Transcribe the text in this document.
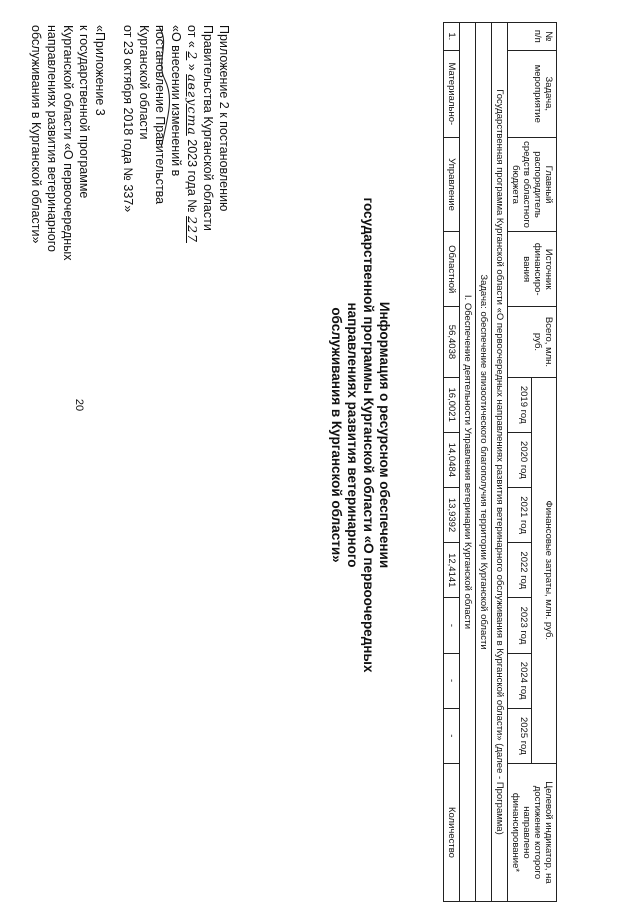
20
Приложение 2 к постановлению
Правительства Курганской области
от « 2 » августа 2023 года № 227
«О внесении изменений в
постановление Правительства
Курганской области
от 23 октября 2018 года № 337»
«Приложение 3
к государственной программе
Курганской области «О первоочередных
направлениях развития ветеринарного
обслуживания в Курганской области»
Информация о ресурсном обеспечении
государственной программы Курганской области «О первоочередных направлениях развития ветеринарного
обслуживания в Курганской области»
№ п/п	Задача, мероприятие	Главный распорядитель средств областного бюджета	Источник финансиро-вания	Всего, млн. руб.	Финансовые затраты, млн. руб.							Целевой индикатор, на достижение которого направлено финансирование*
					2019 год	2020 год	2021 год	2022 год	2023 год	2024 год	2025 год	
Государственная программа Курганской области «О первоочередных направлениях развития ветеринарного обслуживания в Курганской области» (далее - Программа)												
Задача: обеспечение эпизоотического благополучия территории Курганской области												
I. Обеспечение деятельности Управления ветеринарии Курганской области												
1.	Материально-	Управление	Областной	56,4038	16,0021	14,0484	13,9392	12,4141	-	-	-	Количество
